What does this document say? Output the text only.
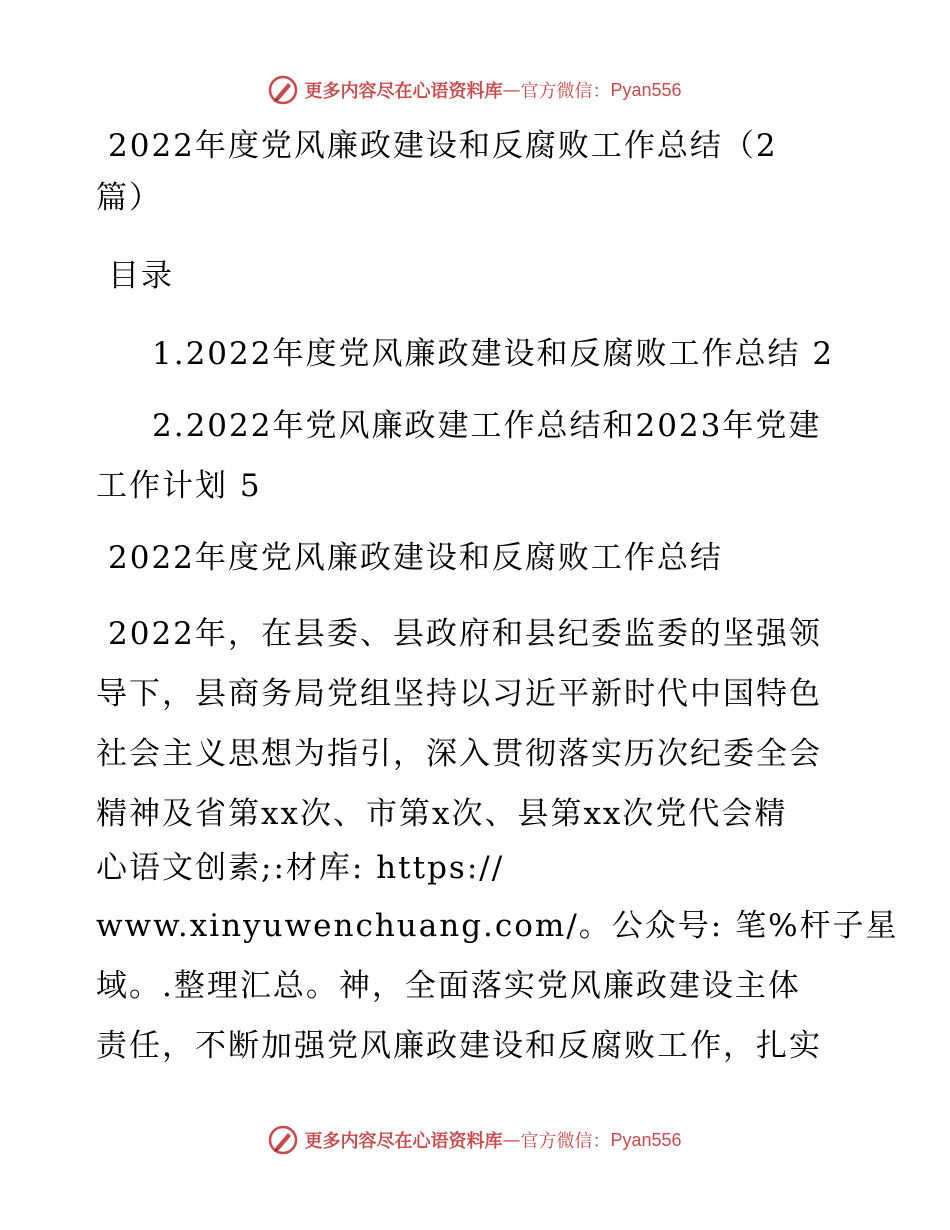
更多内容尽在心语资料库 — 官方微信： Pyan556
2022年度党风廉政建设和反腐败工作总结（2
篇）
目录
1.2022年度党风廉政建设和反腐败工作总结 2
2.2022年党风廉政建工作总结和2023年党建
工作计划 5
2022年度党风廉政建设和反腐败工作总结
2022年，在县委、县政府和县纪委监委的坚强领
导下，县商务局党组坚持以习近平新时代中国特色
社会主义思想为指引，深入贯彻落实历次纪委全会
精神及省第xx次、市第x次、县第xx次党代会精
心语文创素;:材库: https://
www.xinyuwenchuang.com/。公众号: 笔%杆子星
域。.整理汇总。神，全面落实党风廉政建设主体
责任，不断加强党风廉政建设和反腐败工作，扎实
更多内容尽在心语资料库 — 官方微信： Pyan556
